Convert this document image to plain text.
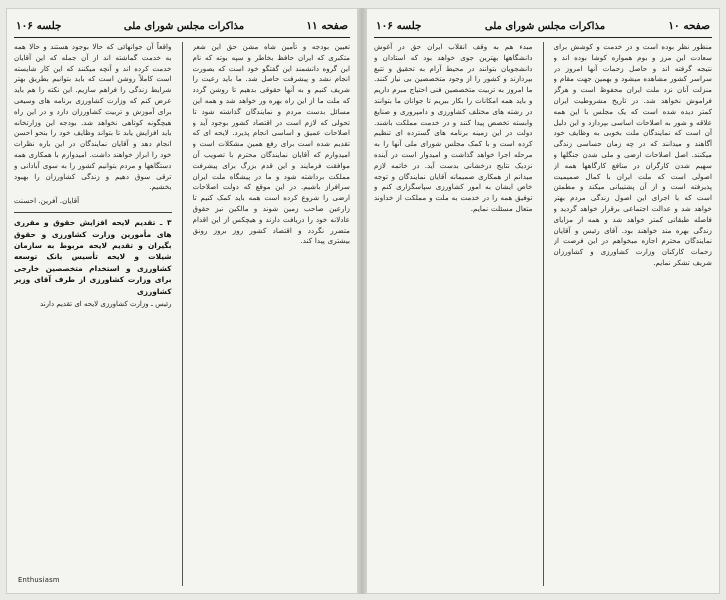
صفحه ۱۱
مذاکرات مجلس شورای ملی
جلسه ۱۰۶
تعیین بودجه و تأمین شاه مشن حق این شعر متکبری که ایران حافظ بخاطر و سپه بوته که نام این گروه دانشمند این گفتگو خود است که بصورت انجام نشد و پیشرفت حاصل شد. ما باید رعیت را شریف کنیم و به آنها حقوقی بدهیم تا روشن گردد که ملت ما از این راه بهره ور خواهد شد و همه این مسائل بدست مردم و نمایندگان گذاشته شود تا تحولی که لازم است در اقتصاد کشور بوجود آید و اصلاحات عمیق و اساسی انجام پذیرد. لایحه ای که تقدیم شده است برای رفع همین مشکلات است و امیدوارم که آقایان نمایندگان محترم با تصویب آن موافقت فرمایند و این قدم بزرگ برای پیشرفت مملکت برداشته شود و ما در پیشگاه ملت ایران سرافراز باشیم. در این موقع که دولت اصلاحات ارضی را شروع کرده است همه باید کمک کنیم تا زارعین صاحب زمین شوند و مالکین نیز حقوق عادلانه خود را دریافت دارند و هیچکس از این اقدام متضرر نگردد و اقتصاد کشور روز بروز رونق بیشتری پیدا کند.
واقعاً آن جوانهائی که حالا بوجود هستند و حالا همه به خدمت گماشته اند از آن جمله که این آقایان خدمت کرده اند و آنچه میکنند که این کار شایسته است کاملاً روشن است که باید بتوانیم بطریق بهتر شرایط زندگی را فراهم سازیم. این نکته را هم باید عرض کنم که وزارت کشاورزی برنامه های وسیعی برای آموزش و تربیت کشاورزان دارد و در این راه هیچگونه کوتاهی نخواهد شد. بودجه این وزارتخانه باید افزایش یابد تا بتواند وظایف خود را بنحو احسن انجام دهد و آقایان نمایندگان در این باره نظرات خود را ابراز خواهند داشت. امیدوارم با همکاری همه دستگاهها و مردم بتوانیم کشور را به سوی آبادانی و ترقی سوق دهیم و زندگی کشاورزان را بهبود بخشیم.
آقایان. آفرین. احسنت
۳ ـ تقدیم لایحه افزایش حقوق و مقرری های مأمورین وزارت کشاورزی و حقوق بگیران و تقدیم لایحه مربوط به سازمان شیلات و لایحه تأسیس بانک توسعه کشاورزی و استخدام متخصصین خارجی برای وزارت کشاورزی از طرف آقای وزیر کشاورزی
رئیس ـ وزارت کشاورزی لایحه ای تقدیم دارند
Enthusiasm
صفحه ۱۰
مذاکرات مجلس شورای ملی
جلسه ۱۰۶
منظور نظر بوده است و در خدمت و کوشش برای سعادت این مرز و بوم همواره کوشا بوده اند و نتیجه گرفته اند و حاصل زحمات آنها امروز در سراسر کشور مشاهده میشود و بهمین جهت مقام و منزلت آنان نزد ملت ایران محفوظ است و هرگز فراموش نخواهد شد. در تاریخ مشروطیت ایران کمتر دیده شده است که یک مجلس با این همه علاقه و شور به اصلاحات اساسی بپردازد و این دلیل آن است که نمایندگان ملت بخوبی به وظایف خود آگاهند و میدانند که در چه زمان حساسی زندگی میکنند. اصل اصلاحات ارضی و ملی شدن جنگلها و سهیم شدن کارگران در منافع کارگاهها همه از اصولی است که ملت ایران با کمال صمیمیت پذیرفته است و از آن پشتیبانی میکند و مطمئن است که با اجرای این اصول زندگی مردم بهتر خواهد شد و عدالت اجتماعی برقرار خواهد گردید و فاصله طبقاتی کمتر خواهد شد و همه از مزایای زندگی بهره مند خواهند بود. آقای رئیس و آقایان نمایندگان محترم اجازه میخواهم در این فرصت از زحمات کارکنان وزارت کشاورزی و کشاورزان شریف تشکر نمایم.
مبدء هم به وقف انقلاب ایران حق در آغوش دانشگاهها بهترین جوی خواهد بود که استادان و دانشجویان بتوانند در محیط آرام به تحقیق و تتبع بپردازند و کشور را از وجود متخصصین بی نیاز کنند. ما امروز به تربیت متخصصین فنی احتیاج مبرم داریم و باید همه امکانات را بکار ببریم تا جوانان ما بتوانند در رشته های مختلف کشاورزی و دامپروری و صنایع وابسته تخصص پیدا کنند و در خدمت مملکت باشند. دولت در این زمینه برنامه های گسترده ای تنظیم کرده است و با کمک مجلس شورای ملی آنها را به مرحله اجرا خواهد گذاشت و امیدوار است در آینده نزدیک نتایج درخشانی بدست آید. در خاتمه لازم میدانم از همکاری صمیمانه آقایان نمایندگان و توجه خاص ایشان به امور کشاورزی سپاسگزاری کنم و توفیق همه را در خدمت به ملت و مملکت از خداوند متعال مسئلت نمایم.
